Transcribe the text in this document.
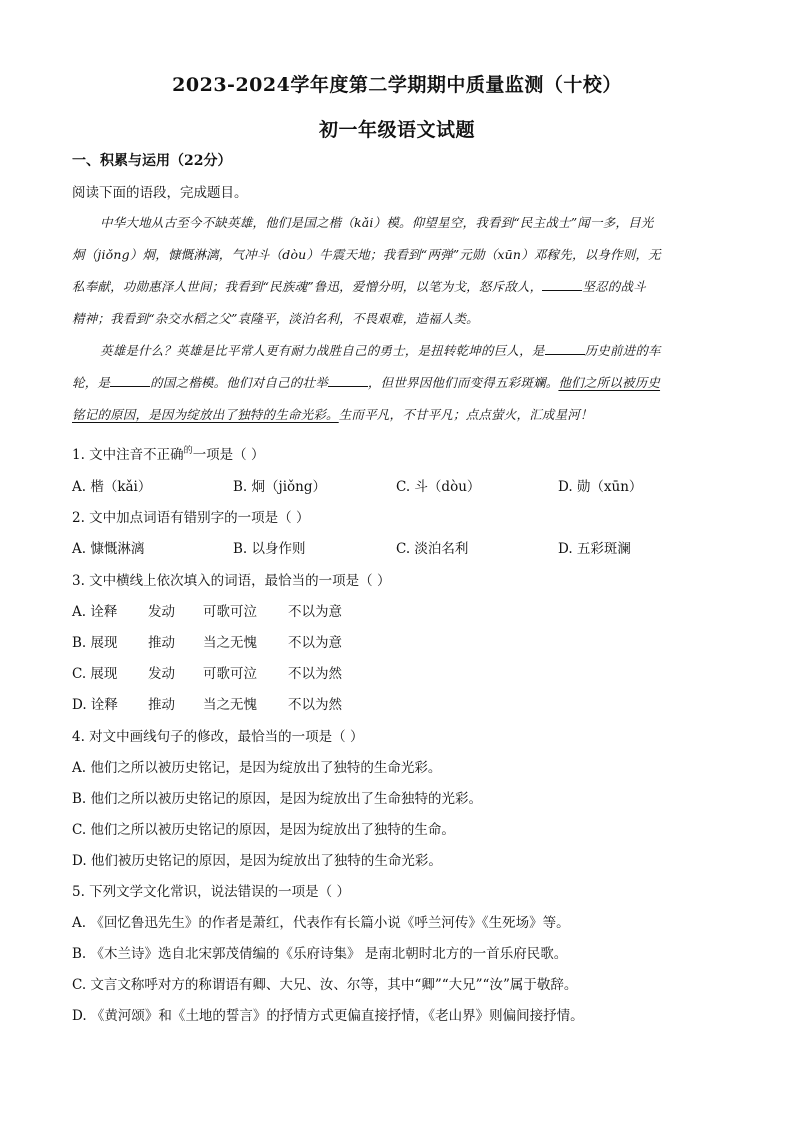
2023-2024学年度第二学期期中质量监测（十校）
初一年级语文试题
一、积累与运用（22分）
阅读下面的语段，完成题目。
中华大地从古至今不缺英雄，他们是国之楷（kǎi）模。仰望星空，我看到“民主战士”闻一多，目光
炯（jiǒng）炯，慷慨淋漓，气冲斗（dòu）牛震天地；我看到“两弹”元勋（xūn）邓稼先，以身作则，无
私奉献，功勋惠泽人世间；我看到“民族魂”鲁迅，爱憎分明，以笔为戈，怒斥敌人，	坚忍的战斗
精神；我看到“杂交水稻之父”袁隆平，淡泊名利，不畏艰难，造福人类。
英雄是什么？英雄是比平常人更有耐力战胜自己的勇士，是扭转乾坤的巨人，是	历史前进的车
轮，是	的国之楷模。他们对自己的壮举	，但世界因他们而变得五彩斑斓。他们之所以被历史
铭记的原因，是因为绽放出了独特的生命光彩。生而平凡，不甘平凡；点点萤火，汇成星河！
1. 文中注音不正确$^的$一项是（ ）
A. 楷（kǎi）	B. 炯（jiǒng）	C. 斗（dòu）	D. 勋（xūn）
2. 文中加点词语有错别字的一项是（ ）
A. 慷慨淋漓	B. 以身作则	C. 淡泊名利	D. 五彩斑澜
3. 文中横线上依次填入的词语，最恰当的一项是（ ）
A. 诠释 发动 可歌可泣 不以为意
B. 展现 推动 当之无愧 不以为意
C. 展现 发动 可歌可泣 不以为然
D. 诠释 推动 当之无愧 不以为然
4. 对文中画线句子的修改，最恰当的一项是（ ）
A. 他们之所以被历史铭记，是因为绽放出了独特的生命光彩。
B. 他们之所以被历史铭记的原因，是因为绽放出了生命独特的光彩。
C. 他们之所以被历史铭记的原因，是因为绽放出了独特的生命。
D. 他们被历史铭记的原因，是因为绽放出了独特的生命光彩。
5. 下列文学文化常识，说法错误的一项是（ ）
A. 《回忆鲁迅先生》的作者是萧红，代表作有长篇小说《呼兰河传》《生死场》等。
B. 《木兰诗》选自北宋郭茂倩编的《乐府诗集》 是南北朝时北方的一首乐府民歌。
C. 文言文称呼对方的称谓语有卿、大兄、汝、尔等，其中“卿”“大兄”“汝”属于敬辞。
D. 《黄河颂》和《土地的誓言》的抒情方式更偏直接抒情，《老山界》则偏间接抒情。
